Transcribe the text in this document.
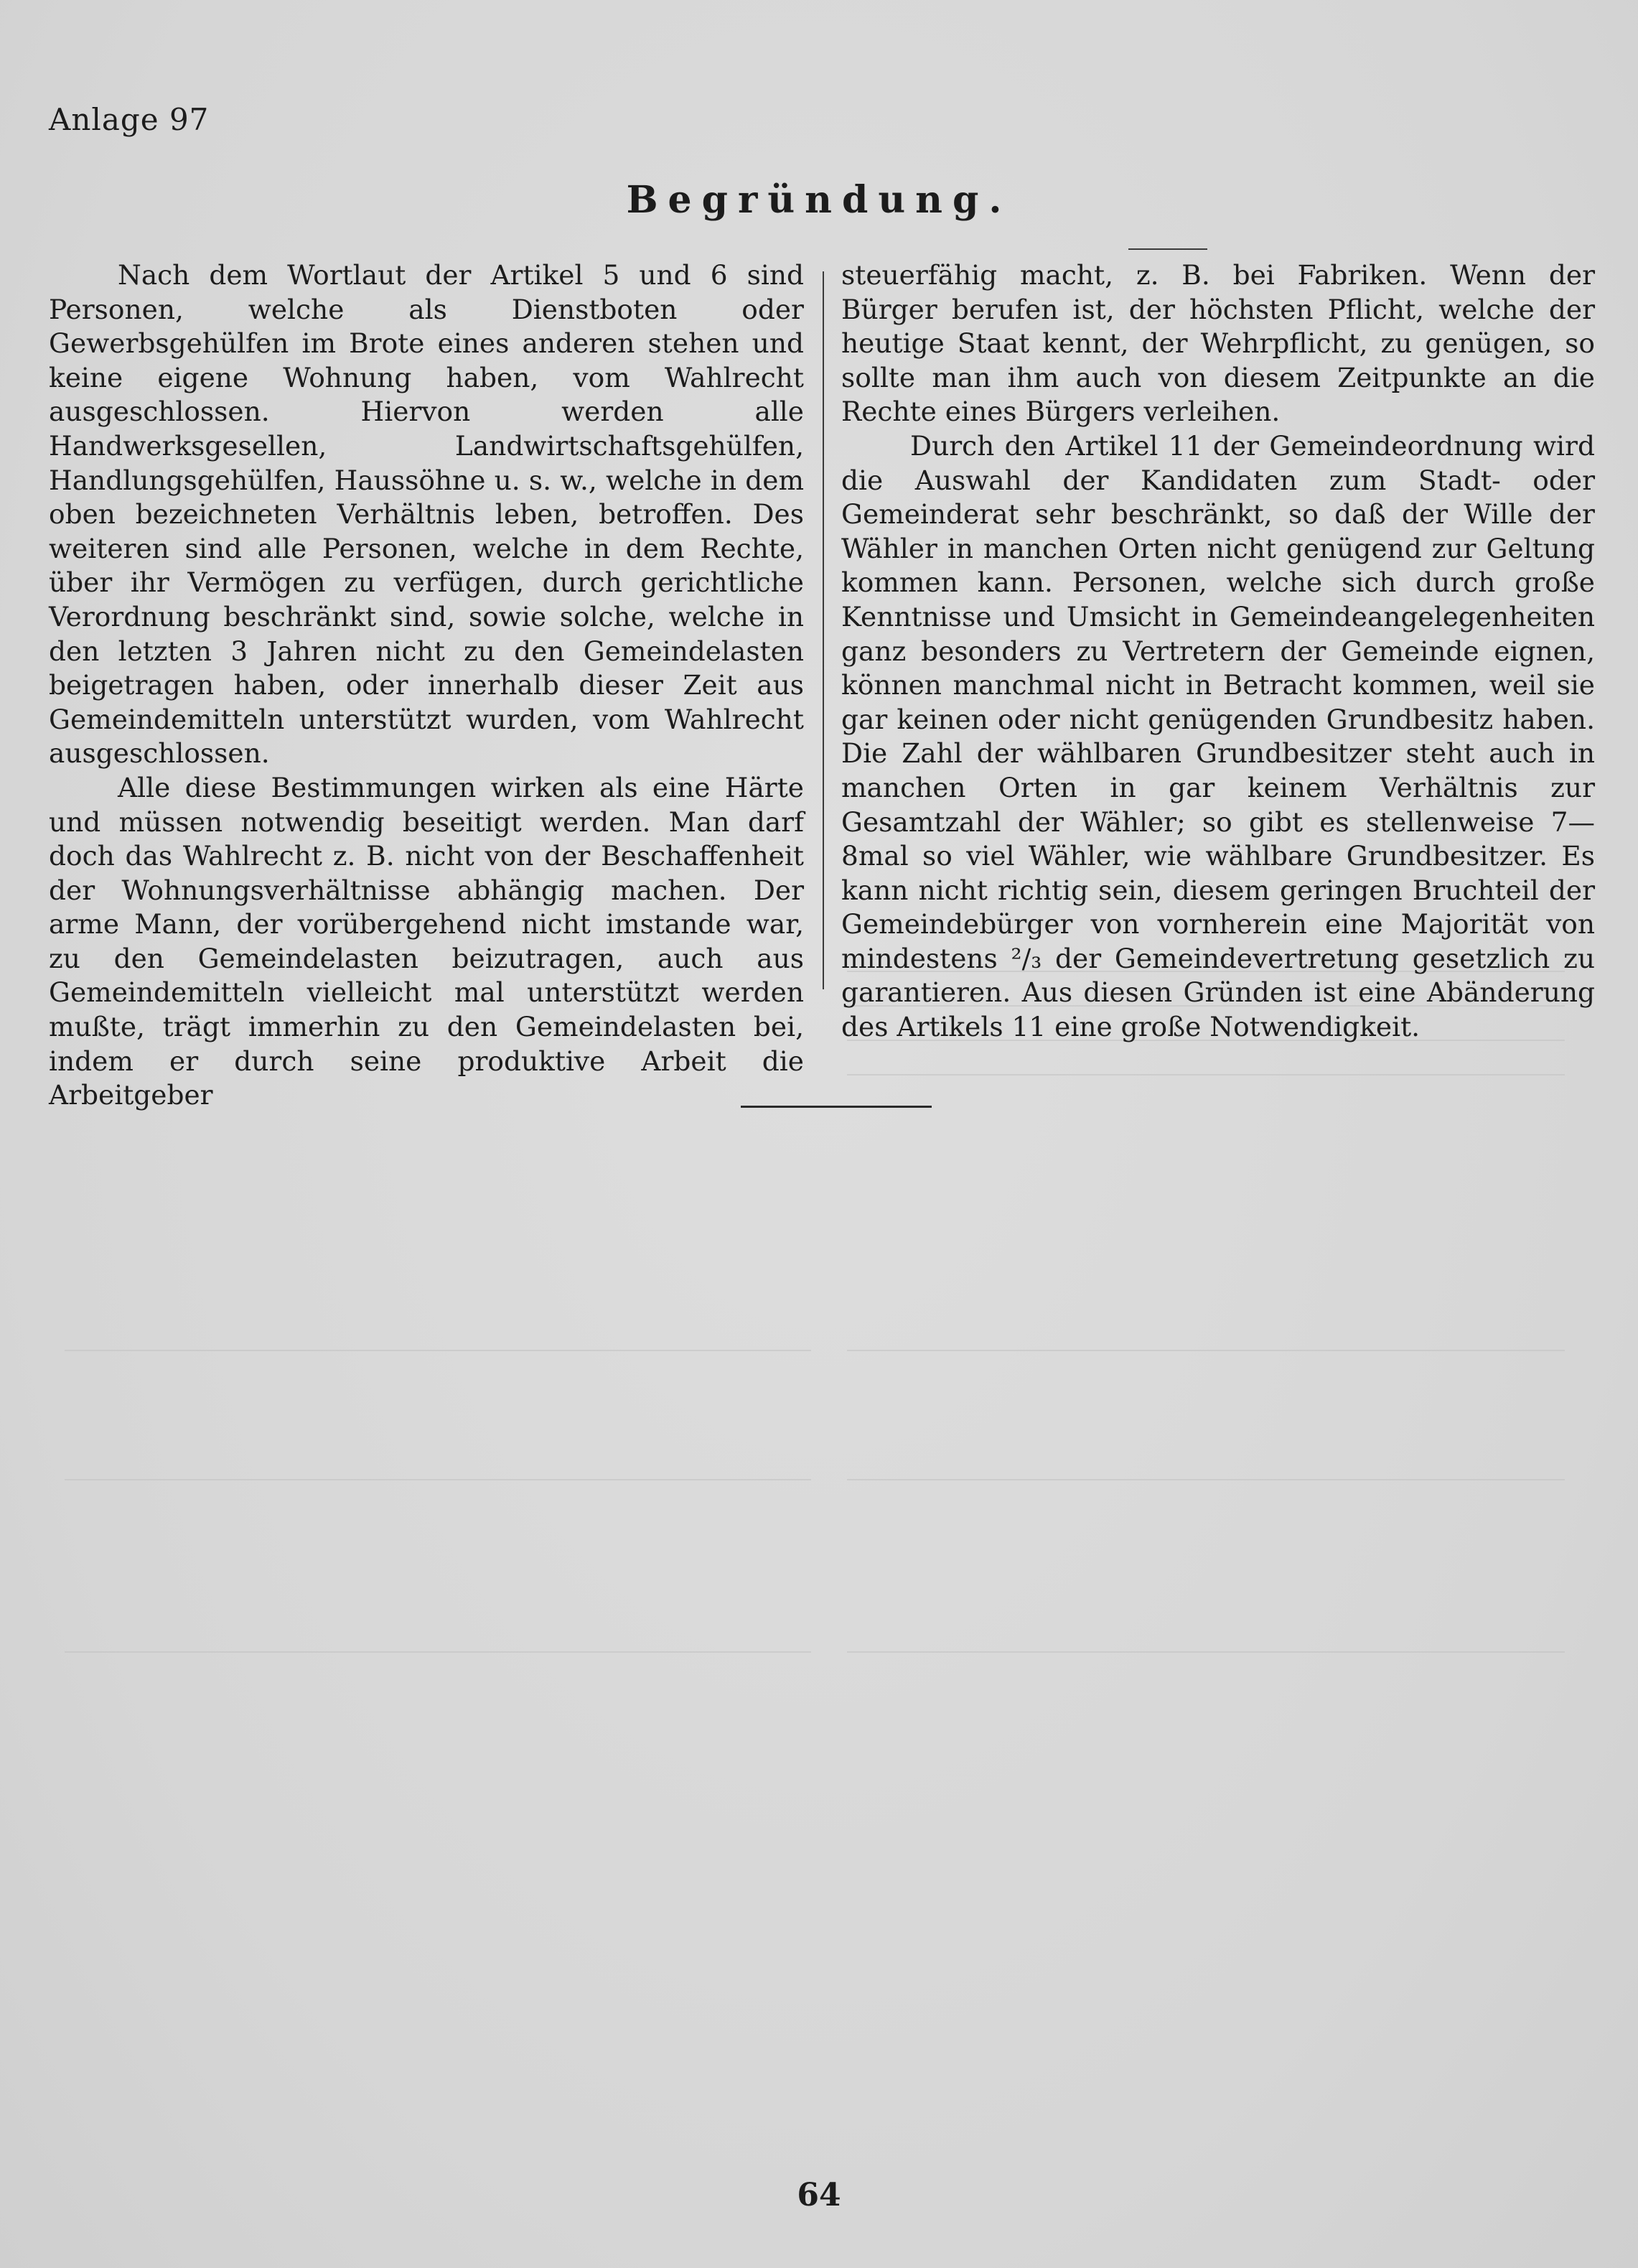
Anlage 97
Begründung.

Nach dem Wortlaut der Artikel 5 und 6 sind Personen, welche als Dienstboten oder Gewerbsgehülfen im Brote eines anderen stehen und keine eigene Wohnung haben, vom Wahlrecht ausgeschlossen. Hiervon werden alle Handwerksgesellen, Landwirtschaftsgehülfen, Handlungsgehülfen, Haussöhne u. s. w., welche in dem oben bezeichneten Verhältnis leben, betroffen. Des weiteren sind alle Personen, welche in dem Rechte, über ihr Vermögen zu verfügen, durch gerichtliche Verordnung beschränkt sind, sowie solche, welche in den letzten 3 Jahren nicht zu den Gemeindelasten beigetragen haben, oder innerhalb dieser Zeit aus Gemeindemitteln unterstützt wurden, vom Wahlrecht ausgeschlossen.

Alle diese Bestimmungen wirken als eine Härte und müssen notwendig beseitigt werden. Man darf doch das Wahlrecht z. B. nicht von der Beschaffenheit der Wohnungsverhältnisse abhängig machen. Der arme Mann, der vorübergehend nicht imstande war, zu den Gemeindelasten beizutragen, auch aus Gemeindemitteln vielleicht mal unterstützt werden mußte, trägt immerhin zu den Gemeindelasten bei, indem er durch seine produktive Arbeit die Arbeitgeber

steuerfähig macht, z. B. bei Fabriken. Wenn der Bürger berufen ist, der höchsten Pflicht, welche der heutige Staat kennt, der Wehrpflicht, zu genügen, so sollte man ihm auch von diesem Zeitpunkte an die Rechte eines Bürgers verleihen.

Durch den Artikel 11 der Gemeindeordnung wird die Auswahl der Kandidaten zum Stadt- oder Gemeinderat sehr beschränkt, so daß der Wille der Wähler in manchen Orten nicht genügend zur Geltung kommen kann. Personen, welche sich durch große Kenntnisse und Umsicht in Gemeindeangelegenheiten ganz besonders zu Vertretern der Gemeinde eignen, können manchmal nicht in Betracht kommen, weil sie gar keinen oder nicht genügenden Grundbesitz haben. Die Zahl der wählbaren Grundbesitzer steht auch in manchen Orten in gar keinem Verhältnis zur Gesamtzahl der Wähler; so gibt es stellenweise 7—8mal so viel Wähler, wie wählbare Grundbesitzer. Es kann nicht richtig sein, diesem geringen Bruchteil der Gemeindebürger von vornherein eine Majorität von mindestens ²/₃ der Gemeindevertretung gesetzlich zu garantieren. Aus diesen Gründen ist eine Abänderung des Artikels 11 eine große Notwendigkeit.

64
